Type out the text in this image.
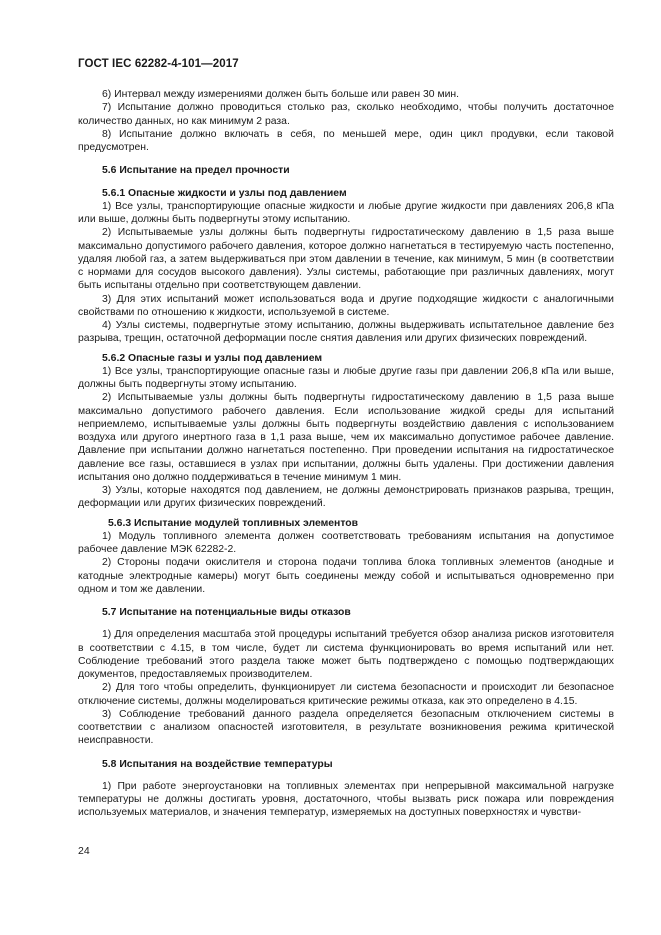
ГОСТ IEC 62282-4-101—2017

6) Интервал между измерениями должен быть больше или равен 30 мин.

7) Испытание должно проводиться столько раз, сколько необходимо, чтобы получить достаточное количество данных, но как минимум 2 раза.

8) Испытание должно включать в себя, по меньшей мере, один цикл продувки, если таковой предусмотрен.

5.6 Испытание на предел прочности

5.6.1 Опасные жидкости и узлы под давлением

1) Все узлы, транспортирующие опасные жидкости и любые другие жидкости при давлениях 206,8 кПа или выше, должны быть подвергнуты этому испытанию.

2) Испытываемые узлы должны быть подвергнуты гидростатическому давлению в 1,5 раза выше максимально допустимого рабочего давления, которое должно нагнетаться в тестируемую часть постепенно, удаляя любой газ, а затем выдерживаться при этом давлении в течение, как минимум, 5 мин (в соответствии с нормами для сосудов высокого давления). Узлы системы, работающие при различных давлениях, могут быть испытаны отдельно при соответствующем давлении.

3) Для этих испытаний может использоваться вода и другие подходящие жидкости с аналогичными свойствами по отношению к жидкости, используемой в системе.

4) Узлы системы, подвергнутые этому испытанию, должны выдерживать испытательное давление без разрыва, трещин, остаточной деформации после снятия давления или других физических повреждений.

5.6.2 Опасные газы и узлы под давлением

1) Все узлы, транспортирующие опасные газы и любые другие газы при давлении 206,8 кПа или выше, должны быть подвергнуты этому испытанию.

2) Испытываемые узлы должны быть подвергнуты гидростатическому давлению в 1,5 раза выше максимально допустимого рабочего давления. Если использование жидкой среды для испытаний неприемлемо, испытываемые узлы должны быть подвергнуты воздействию давления с использованием воздуха или другого инертного газа в 1,1 раза выше, чем их максимально допустимое рабочее давление. Давление при испытании должно нагнетаться постепенно. При проведении испытания на гидростатическое давление все газы, оставшиеся в узлах при испытании, должны быть удалены. При достижении давления испытания оно должно поддерживаться в течение минимум 1 мин.

3) Узлы, которые находятся под давлением, не должны демонстрировать признаков разрыва, трещин, деформации или других физических повреждений.

5.6.3 Испытание модулей топливных элементов

1) Модуль топливного элемента должен соответствовать требованиям испытания на допустимое рабочее давление МЭК 62282-2.

2) Стороны подачи окислителя и сторона подачи топлива блока топливных элементов (анодные и катодные электродные камеры) могут быть соединены между собой и испытываться одновременно при одном и том же давлении.

5.7 Испытание на потенциальные виды отказов

1) Для определения масштаба этой процедуры испытаний требуется обзор анализа рисков изготовителя в соответствии с 4.15, в том числе, будет ли система функционировать во время испытаний или нет. Соблюдение требований этого раздела также может быть подтверждено с помощью подтверждающих документов, предоставляемых производителем.

2) Для того чтобы определить, функционирует ли система безопасности и происходит ли безопасное отключение системы, должны моделироваться критические режимы отказа, как это определено в 4.15.

3) Соблюдение требований данного раздела определяется безопасным отключением системы в соответствии с анализом опасностей изготовителя, в результате возникновения режима критической неисправности.

5.8 Испытания на воздействие температуры

1) При работе энергоустановки на топливных элементах при непрерывной максимальной нагрузке температуры не должны достигать уровня, достаточного, чтобы вызвать риск пожара или повреждения используемых материалов, и значения температур, измеряемых на доступных поверхностях и чувстви-

24
